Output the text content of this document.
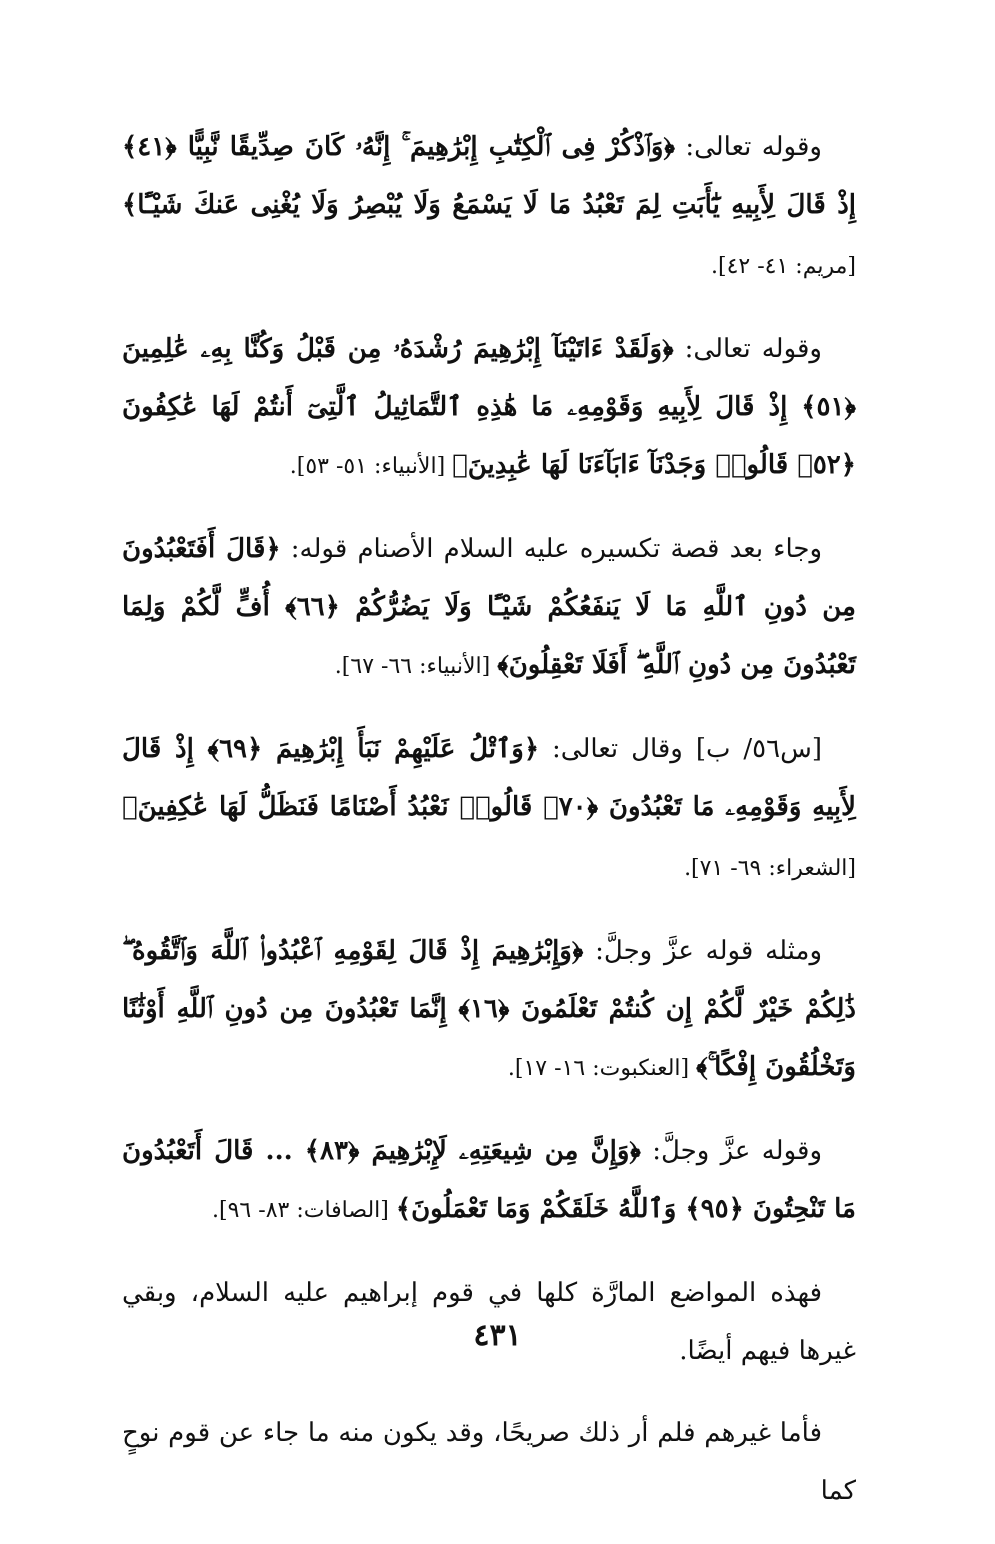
وقوله تعالى: ﴿وَٱذْكُرْ فِى ٱلْكِتَٰبِ إِبْرَٰهِيمَ ۚ إِنَّهُۥ كَانَ صِدِّيقًا نَّبِيًّا ﴿٤١﴾ إِذْ قَالَ لِأَبِيهِ يَٰٓأَبَتِ لِمَ تَعْبُدُ مَا لَا يَسْمَعُ وَلَا يُبْصِرُ وَلَا يُغْنِى عَنكَ شَيْـًٔا﴾ [مريم: ٤١- ٤٢].

وقوله تعالى: ﴿وَلَقَدْ ءَاتَيْنَآ إِبْرَٰهِيمَ رُشْدَهُۥ مِن قَبْلُ وَكُنَّا بِهِۦ عَٰلِمِينَ ﴿٥١﴾ إِذْ قَالَ لِأَبِيهِ وَقَوْمِهِۦ مَا هَٰذِهِ ٱلتَّمَاثِيلُ ٱلَّتِىٓ أَنتُمْ لَهَا عَٰكِفُونَ ﴿٥٢﴾ قَالُوا۟ وَجَدْنَآ ءَابَآءَنَا لَهَا عَٰبِدِينَ﴾ [الأنبياء: ٥١- ٥٣].

وجاء بعد قصة تكسيره عليه السلام الأصنام قوله: ﴿قَالَ أَفَتَعْبُدُونَ مِن دُونِ ٱللَّهِ مَا لَا يَنفَعُكُمْ شَيْـًٔا وَلَا يَضُرُّكُمْ ﴿٦٦﴾ أُفٍّ لَّكُمْ وَلِمَا تَعْبُدُونَ مِن دُونِ ٱللَّهِ ۖ أَفَلَا تَعْقِلُونَ﴾ [الأنبياء: ٦٦- ٦٧].

[س٥٦/ ب] وقال تعالى: ﴿وَٱتْلُ عَلَيْهِمْ نَبَأَ إِبْرَٰهِيمَ ﴿٦٩﴾ إِذْ قَالَ لِأَبِيهِ وَقَوْمِهِۦ مَا تَعْبُدُونَ ﴿٧٠﴾ قَالُوا۟ نَعْبُدُ أَصْنَامًا فَنَظَلُّ لَهَا عَٰكِفِينَ﴾ [الشعراء: ٦٩- ٧١].

ومثله قوله عزَّ وجلَّ: ﴿وَإِبْرَٰهِيمَ إِذْ قَالَ لِقَوْمِهِ ٱعْبُدُوا۟ ٱللَّهَ وَٱتَّقُوهُ ۖ ذَٰلِكُمْ خَيْرٌ لَّكُمْ إِن كُنتُمْ تَعْلَمُونَ ﴿١٦﴾ إِنَّمَا تَعْبُدُونَ مِن دُونِ ٱللَّهِ أَوْثَٰنًا وَتَخْلُقُونَ إِفْكًا ۚ﴾ [العنكبوت: ١٦- ١٧].

وقوله عزَّ وجلَّ: ﴿وَإِنَّ مِن شِيعَتِهِۦ لَإِبْرَٰهِيمَ ﴿٨٣﴾ ... قَالَ أَتَعْبُدُونَ مَا تَنْحِتُونَ ﴿٩٥﴾ وَٱللَّهُ خَلَقَكُمْ وَمَا تَعْمَلُونَ﴾ [الصافات: ٨٣- ٩٦].

فهذه المواضع المارَّة كلها في قوم إبراهيم عليه السلام، وبقي غيرها فيهم أيضًا.

فأما غيرهم فلم أر ذلك صريحًا، وقد يكون منه ما جاء عن قوم نوحٍ كما

٤٣١
